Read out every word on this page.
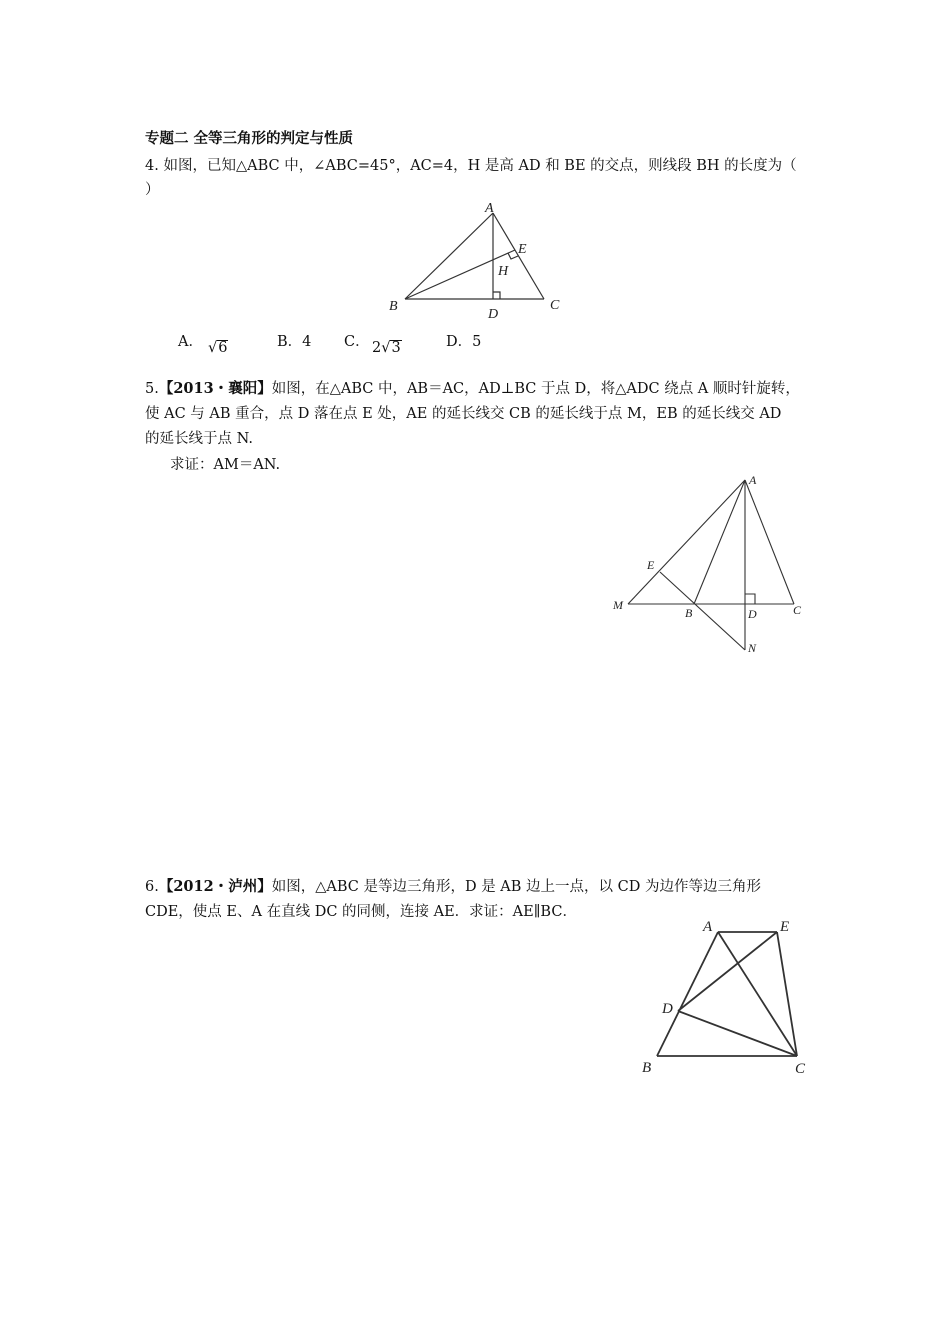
专题二 全等三角形的判定与性质
4. 如图，已知△ABC 中，∠ABC=45°，AC=4，H 是高 AD 和 BE 的交点，则线段 BH 的长度为（
）
A
B	C
D
E
H
A． √6	B．4 C． 2√3	D．5
5.【2013・襄阳】如图，在△ABC 中，AB＝AC，AD⊥BC 于点 D，将△ADC 绕点 A 顺时针旋转，
使 AC 与 AB 重合，点 D 落在点 E 处，AE 的延长线交 CB 的延长线于点 M，EB 的延长线交 AD
的延长线于点 N.
求证：AM＝AN.
A
E
M
B	D	C
N
6.【2012・泸州】如图，△ABC 是等边三角形，D 是 AB 边上一点，以 CD 为边作等边三角形
CDE，使点 E、A 在直线 DC 的同侧，连接 AE．求证：AE∥BC．
A	E
D
B	C
